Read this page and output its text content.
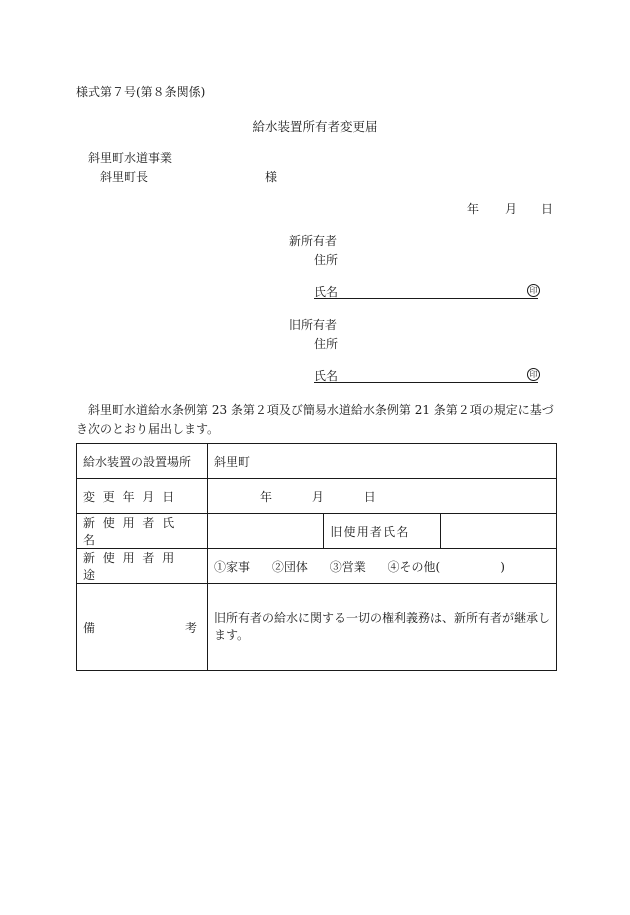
様式第７号(第８条関係)
給水装置所有者変更届
斜里町水道事業
斜里町長	様
年 月 日
新所有者
住所
氏名	印
旧所有者
住所
氏名	印
斜里町水道給水条例第 23 条第２項及び簡易水道給水条例第 21 条第２項の規定に基づき次のとおり届出します。
給水装置の設置場所	斜里町		
変更年月日	年 月 日		
新使用者氏名		旧使用者氏名	
新使用者用途	①家事 ②団体 ③営業 ④その他(　　　　　)		

備 考	旧所有者の給水に関する一切の権利義務は、新所有者が継承します。		
